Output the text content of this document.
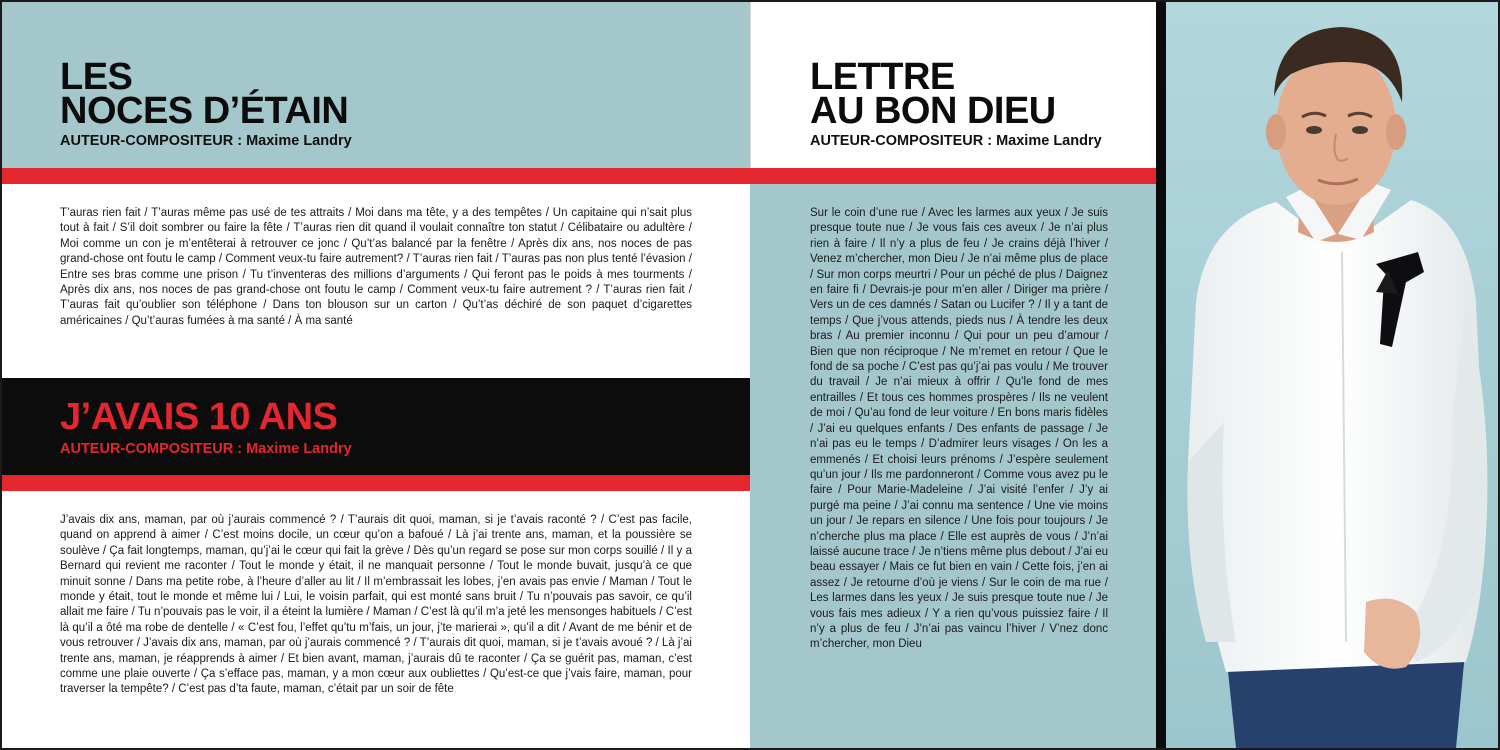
LES
NOCES D’ÉTAIN

AUTEUR-COMPOSITEUR : Maxime Landry

T’auras rien fait / T’auras même pas usé de tes attraits / Moi dans ma tête, y a des tempêtes / Un capitaine qui n’sait plus tout à fait / S’il doit sombrer ou faire la fête / T’auras rien dit quand il voulait connaître ton statut / Célibataire ou adultère / Moi comme un con je m’entêterai à retrouver ce jonc / Qu’t’as balancé par la fenêtre / Après dix ans, nos noces de pas grand-chose ont foutu le camp / Comment veux-tu faire autrement? / T’auras rien fait / T’auras pas non plus tenté l’évasion / Entre ses bras comme une prison / Tu t’inventeras des millions d’arguments / Qui feront pas le poids à mes tourments / Après dix ans, nos noces de pas grand-chose ont foutu le camp / Comment veux-tu faire autrement ? / T’auras rien fait / T’auras fait qu’oublier son téléphone / Dans ton blouson sur un carton / Qu’t’as déchiré de son paquet d’cigarettes américaines / Qu’t’auras fumées à ma santé / À ma santé

J’AVAIS 10 ANS

AUTEUR-COMPOSITEUR : Maxime Landry

J’avais dix ans, maman, par où j’aurais commencé ? / T’aurais dit quoi, maman, si je t’avais raconté ? / C’est pas facile, quand on apprend à aimer / C’est moins docile, un cœur qu’on a bafoué / Là j’ai trente ans, maman, et la poussière se soulève / Ça fait longtemps, maman, qu’j’ai le cœur qui fait la grève / Dès qu’un regard se pose sur mon corps souillé / Il y a Bernard qui revient me raconter / Tout le monde y était, il ne manquait personne / Tout le monde buvait, jusqu’à ce que minuit sonne / Dans ma petite robe, à l’heure d’aller au lit / Il m’embrassait les lobes, j’en avais pas envie / Maman / Tout le monde y était, tout le monde et même lui / Lui, le voisin parfait, qui est monté sans bruit / Tu n’pouvais pas savoir, ce qu’il allait me faire / Tu n’pouvais pas le voir, il a éteint la lumière / Maman / C’est là qu’il m’a jeté les mensonges habituels / C’est là qu’il a ôté ma robe de dentelle / « C’est fou, l’effet qu’tu m’fais, un jour, j’te marierai », qu’il a dit / Avant de me bénir et de vous retrouver / J’avais dix ans, maman, par où j’aurais commencé ? / T’aurais dit quoi, maman, si je t’avais avoué ? / Là j’ai trente ans, maman, je réapprends à aimer / Et bien avant, maman, j’aurais dû te raconter / Ça se guérit pas, maman, c’est comme une plaie ouverte / Ça s’efface pas, maman, y a mon cœur aux oubliettes / Qu’est-ce que j’vais faire, maman, pour traverser la tempête? / C’est pas d’ta faute, maman, c’était par un soir de fête

LETTRE
AU BON DIEU

AUTEUR-COMPOSITEUR : Maxime Landry

Sur le coin d’une rue / Avec les larmes aux yeux / Je suis presque toute nue / Je vous fais ces aveux / Je n’ai plus rien à faire / Il n’y a plus de feu / Je crains déjà l’hiver / Venez m’chercher, mon Dieu / Je n’ai même plus de place / Sur mon corps meurtri / Pour un péché de plus / Daignez en faire fi / Devrais-je pour m’en aller / Diriger ma prière / Vers un de ces damnés / Satan ou Lucifer ? / Il y a tant de temps / Que j’vous attends, pieds nus / À tendre les deux bras / Au premier inconnu / Qui pour un peu d’amour / Bien que non réciproque / Ne m’remet en retour / Que le fond de sa poche / C’est pas qu’j’ai pas voulu / Me trouver du travail / Je n’ai mieux à offrir / Qu’le fond de mes entrailles / Et tous ces hommes prospères / Ils ne veulent de moi / Qu’au fond de leur voiture / En bons maris fidèles / J’ai eu quelques enfants / Des enfants de passage / Je n’ai pas eu le temps / D’admirer leurs visages / On les a emmenés / Et choisi leurs prénoms / J’espère seulement qu’un jour / Ils me pardonneront / Comme vous avez pu le faire / Pour Marie-Madeleine / J’ai visité l’enfer / J’y ai purgé ma peine / J’ai connu ma sentence / Une vie moins un jour / Je repars en silence / Une fois pour toujours / Je n’cherche plus ma place / Elle est auprès de vous / J’n’ai laissé aucune trace / Je n’tiens même plus debout / J’ai eu beau essayer / Mais ce fut bien en vain / Cette fois, j’en ai assez / Je retourne d’où je viens / Sur le coin de ma rue / Les larmes dans les yeux / Je suis presque toute nue / Je vous fais mes adieux / Y a rien qu’vous puissiez faire / Il n’y a plus de feu / J’n’ai pas vaincu l’hiver / V’nez donc m’chercher, mon Dieu
